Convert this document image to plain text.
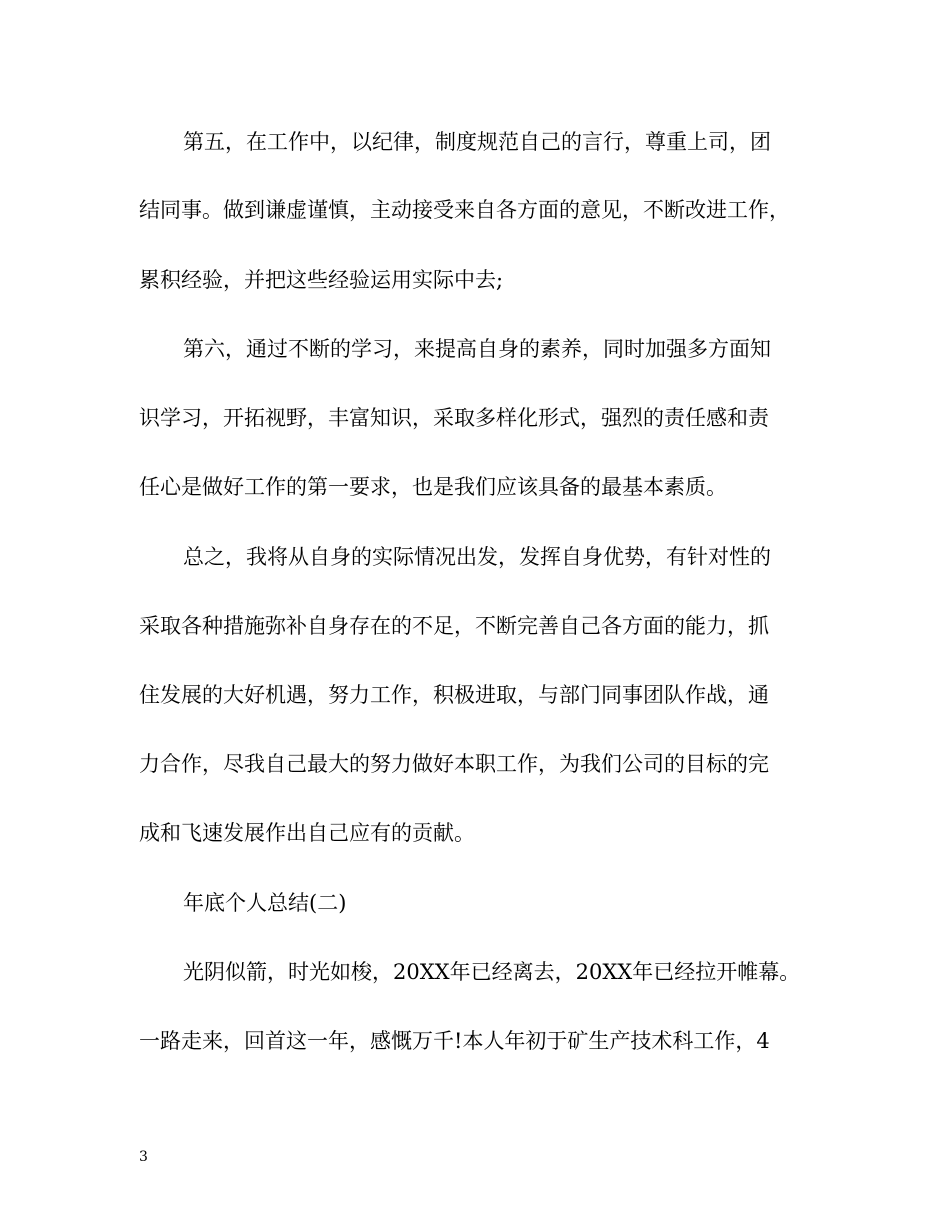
第五，在工作中，以纪律，制度规范自己的言行，尊重上司，团
结同事。做到谦虚谨慎，主动接受来自各方面的意见，不断改进工作，
累积经验，并把这些经验运用实际中去;
第六，通过不断的学习，来提高自身的素养，同时加强多方面知
识学习，开拓视野，丰富知识，采取多样化形式，强烈的责任感和责
任心是做好工作的第一要求，也是我们应该具备的最基本素质。
总之，我将从自身的实际情况出发，发挥自身优势，有针对性的
采取各种措施弥补自身存在的不足，不断完善自己各方面的能力，抓
住发展的大好机遇，努力工作，积极进取，与部门同事团队作战，通
力合作，尽我自己最大的努力做好本职工作，为我们公司的目标的完
成和飞速发展作出自己应有的贡献。
年底个人总结(二)
光阴似箭，时光如梭，20XX年已经离去，20XX年已经拉开帷幕。
一路走来，回首这一年，感慨万千!本人年初于矿生产技术科工作，4
3
